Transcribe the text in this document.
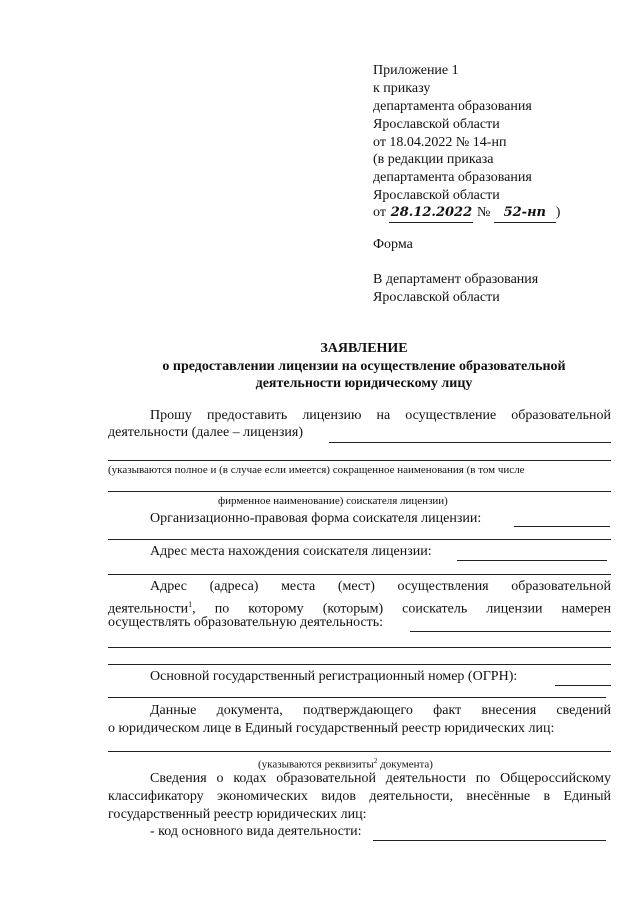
Приложение 1
к приказу
департамента образования
Ярославской области
от 18.04.2022 № 14-нп
(в редакции приказа
департамента образования
Ярославской области
от 28.12.2022 № 52-нп )
Форма
В департамент образования
Ярославской области
ЗАЯВЛЕНИЕ
о предоставлении лицензии на осуществление образовательной
деятельности юридическому лицу
Прошу предоставить лицензию на осуществление образовательной
деятельности (далее – лицензия)
(указываются полное и (в случае если имеется) сокращенное наименования (в том числе
фирменное наименование) соискателя лицензии)
Организационно-правовая форма соискателя лицензии:
Адрес места нахождения соискателя лицензии:
Адрес (адреса) места (мест) осуществления образовательной
деятельности$^1$, по которому (которым) соискатель лицензии намерен
осуществлять образовательную деятельность:
Основной государственный регистрационный номер (ОГРН):
Данные документа, подтверждающего факт внесения сведений
о юридическом лице в Единый государственный реестр юридических лиц:
(указываются реквизиты$^2$ документа)
Сведения о кодах образовательной деятельности по Общероссийскому
классификатору экономических видов деятельности, внесённые в Единый
государственный реестр юридических лиц:
- код основного вида деятельности:
